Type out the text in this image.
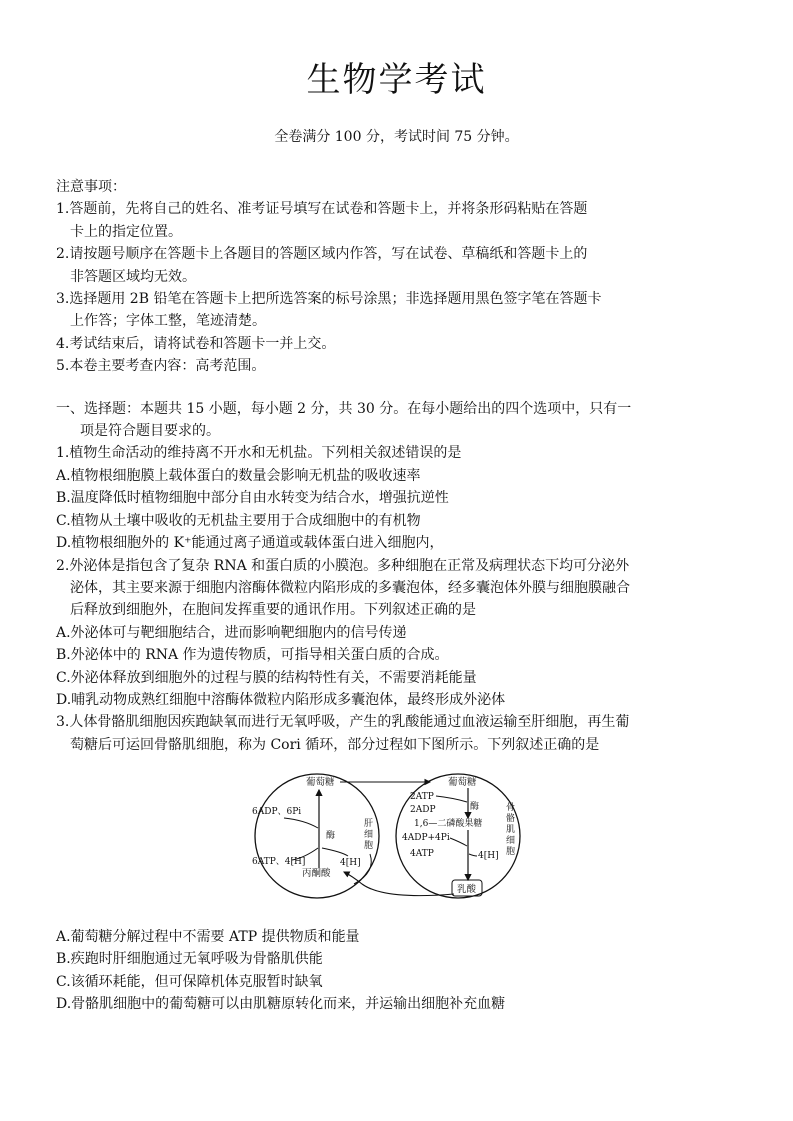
生物学考试
全卷满分 100 分，考试时间 75 分钟。
注意事项：
1.答题前，先将自己的姓名、准考证号填写在试卷和答题卡上，并将条形码粘贴在答题
卡上的指定位置。
2.请按题号顺序在答题卡上各题目的答题区域内作答，写在试卷、草稿纸和答题卡上的
非答题区域均无效。
3.选择题用 2B 铅笔在答题卡上把所选答案的标号涂黑；非选择题用黑色签字笔在答题卡
上作答；字体工整，笔迹清楚。
4.考试结束后，请将试卷和答题卡一并上交。
5.本卷主要考查内容：高考范围。
一、选择题：本题共 15 小题，每小题 2 分，共 30 分。在每小题给出的四个选项中，只有一
项是符合题目要求的。
1.植物生命活动的维持离不开水和无机盐。下列相关叙述错误的是
A.植物根细胞膜上载体蛋白的数量会影响无机盐的吸收速率
B.温度降低时植物细胞中部分自由水转变为结合水，增强抗逆性
C.植物从土壤中吸收的无机盐主要用于合成细胞中的有机物
D.植物根细胞外的 K⁺能通过离子通道或载体蛋白进入细胞内，
2.外泌体是指包含了复杂 RNA 和蛋白质的小膜泡。多种细胞在正常及病理状态下均可分泌外
泌体，其主要来源于细胞内溶酶体微粒内陷形成的多囊泡体，经多囊泡体外膜与细胞膜融合
后释放到细胞外，在胞间发挥重要的通讯作用。下列叙述正确的是
A.外泌体可与靶细胞结合，进而影响靶细胞内的信号传递
B.外泌体中的 RNA 作为遗传物质，可指导相关蛋白质的合成。
C.外泌体释放到细胞外的过程与膜的结构特性有关，不需要消耗能量
D.哺乳动物成熟红细胞中溶酶体微粒内陷形成多囊泡体，最终形成外泌体
3.人体骨骼肌细胞因疾跑缺氧而进行无氧呼吸，产生的乳酸能通过血液运输至肝细胞，再生葡
萄糖后可运回骨骼肌细胞，称为 Cori 循环，部分过程如下图所示。下列叙述正确的是
葡萄糖
6ADP、6Pi
酶
6ATP、4[H]	4[H]
丙酮酸
肝细胞
葡萄糖
2ATP
2ADP	酶
1,6—二磷酸果糖
4ADP+4Pi
4ATP	4[H]
乳酸
骨骼肌细胞
A.葡萄糖分解过程中不需要 ATP 提供物质和能量
B.疾跑时肝细胞通过无氧呼吸为骨骼肌供能
C.该循环耗能，但可保障机体克服暂时缺氧
D.骨骼肌细胞中的葡萄糖可以由肌糖原转化而来，并运输出细胞补充血糖
